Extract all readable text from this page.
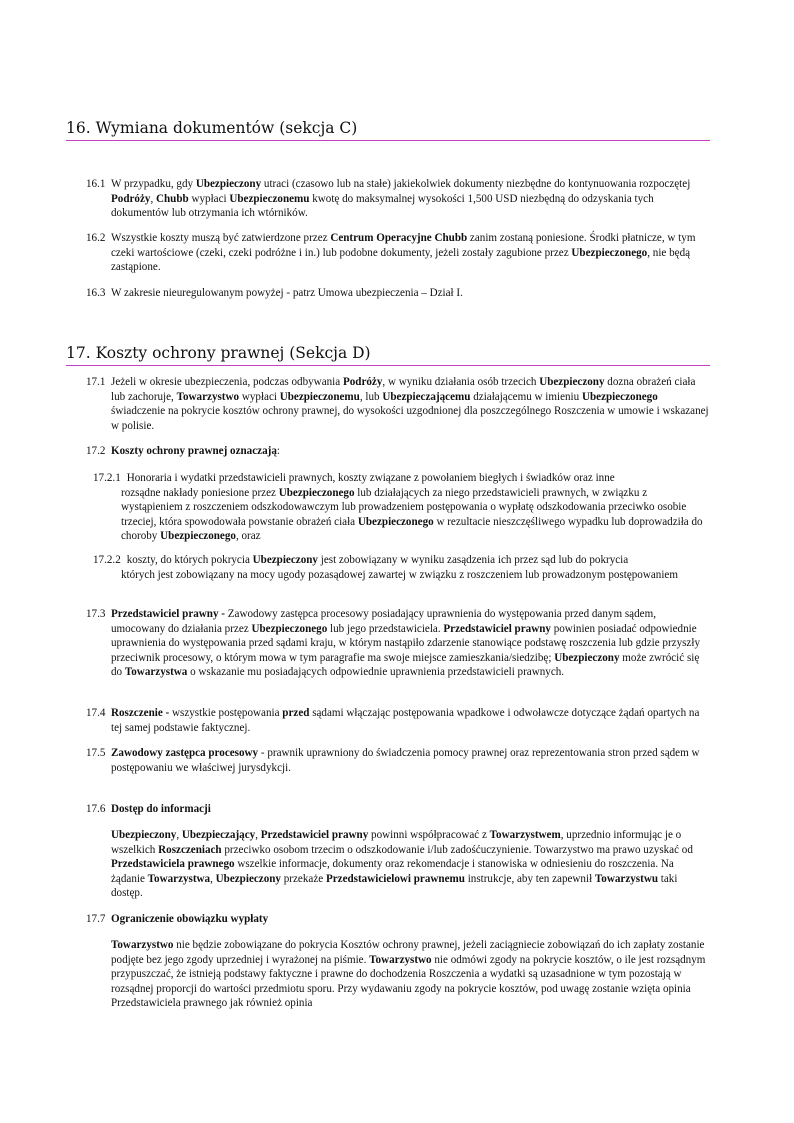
16. Wymiana dokumentów (sekcja C)
16.1 W przypadku, gdy Ubezpieczony utraci (czasowo lub na stałe) jakiekolwiek dokumenty niezbędne do kontynuowania rozpoczętej Podróży, Chubb wypłaci Ubezpieczonemu kwotę do maksymalnej wysokości 1,500 USD niezbędną do odzyskania tych dokumentów lub otrzymania ich wtórników.
16.2 Wszystkie koszty muszą być zatwierdzone przez Centrum Operacyjne Chubb zanim zostaną poniesione. Środki płatnicze, w tym czeki wartościowe (czeki, czeki podróżne i in.) lub podobne dokumenty, jeżeli zostały zagubione przez Ubezpieczonego, nie będą zastąpione.
16.3 W zakresie nieuregulowanym powyżej - patrz Umowa ubezpieczenia – Dział I.
17. Koszty ochrony prawnej (Sekcja D)
17.1 Jeżeli w okresie ubezpieczenia, podczas odbywania Podróży, w wyniku działania osób trzecich Ubezpieczony dozna obrażeń ciała lub zachoruje, Towarzystwo wypłaci Ubezpieczonemu, lub Ubezpieczającemu działającemu w imieniu Ubezpieczonego świadczenie na pokrycie kosztów ochrony prawnej, do wysokości uzgodnionej dla poszczególnego Roszczenia w umowie i wskazanej w polisie.
17.2 Koszty ochrony prawnej oznaczają:
17.2.1 Honoraria i wydatki przedstawicieli prawnych, koszty związane z powołaniem biegłych i świadków oraz inne
rozsądne nakłady poniesione przez Ubezpieczonego lub działających za niego przedstawicieli prawnych, w związku z wystąpieniem z roszczeniem odszkodowawczym lub prowadzeniem postępowania o wypłatę odszkodowania przeciwko osobie trzeciej, która spowodowała powstanie obrażeń ciała Ubezpieczonego w rezultacie nieszczęśliwego wypadku lub doprowadziła do choroby Ubezpieczonego, oraz
17.2.2 koszty, do których pokrycia Ubezpieczony jest zobowiązany w wyniku zasądzenia ich przez sąd lub do pokrycia
których jest zobowiązany na mocy ugody pozasądowej zawartej w związku z roszczeniem lub prowadzonym postępowaniem
17.3 Przedstawiciel prawny - Zawodowy zastępca procesowy posiadający uprawnienia do występowania przed danym sądem, umocowany do działania przez Ubezpieczonego lub jego przedstawiciela. Przedstawiciel prawny powinien posiadać odpowiednie uprawnienia do występowania przed sądami kraju, w którym nastąpiło zdarzenie stanowiące podstawę roszczenia lub gdzie przyszły przeciwnik procesowy, o którym mowa w tym paragrafie ma swoje miejsce zamieszkania/siedzibę; Ubezpieczony może zwrócić się do Towarzystwa o wskazanie mu posiadających odpowiednie uprawnienia przedstawicieli prawnych.
17.4 Roszczenie - wszystkie postępowania przed sądami włączając postępowania wpadkowe i odwoławcze dotyczące żądań opartych na tej samej podstawie faktycznej.
17.5 Zawodowy zastępca procesowy - prawnik uprawniony do świadczenia pomocy prawnej oraz reprezentowania stron przed sądem w postępowaniu we właściwej jurysdykcji.
17.6 Dostęp do informacji
Ubezpieczony, Ubezpieczający, Przedstawiciel prawny powinni współpracować z Towarzystwem, uprzednio informując je o wszelkich Roszczeniach przeciwko osobom trzecim o odszkodowanie i/lub zadośćuczynienie. Towarzystwo ma prawo uzyskać od Przedstawiciela prawnego wszelkie informacje, dokumenty oraz rekomendacje i stanowiska w odniesieniu do roszczenia. Na żądanie Towarzystwa, Ubezpieczony przekaże Przedstawicielowi prawnemu instrukcje, aby ten zapewnił Towarzystwu taki dostęp.
17.7 Ograniczenie obowiązku wypłaty
Towarzystwo nie będzie zobowiązane do pokrycia Kosztów ochrony prawnej, jeżeli zaciągniecie zobowiązań do ich zapłaty zostanie podjęte bez jego zgody uprzedniej i wyrażonej na piśmie. Towarzystwo nie odmówi zgody na pokrycie kosztów, o ile jest rozsądnym przypuszczać, że istnieją podstawy faktyczne i prawne do dochodzenia Roszczenia a wydatki są uzasadnione w tym pozostają w rozsądnej proporcji do wartości przedmiotu sporu. Przy wydawaniu zgody na pokrycie kosztów, pod uwagę zostanie wzięta opinia Przedstawiciela prawnego jak również opinia
